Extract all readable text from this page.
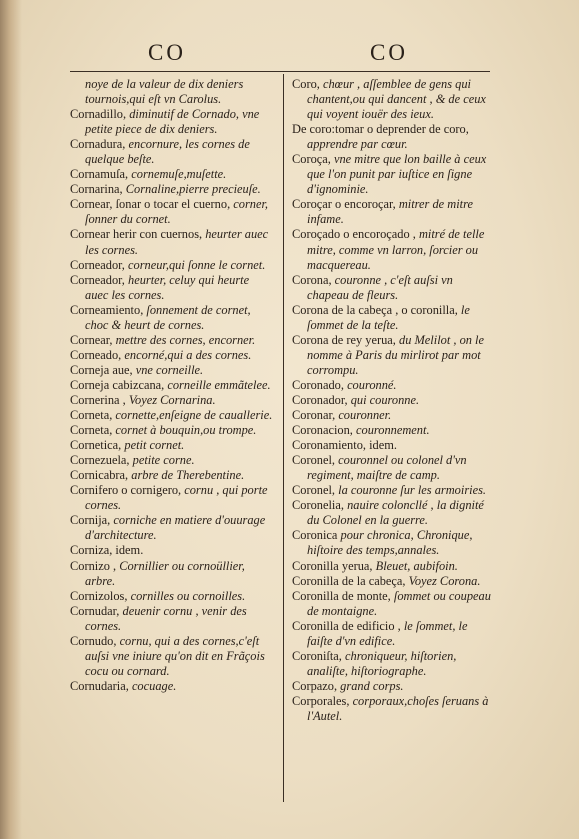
CO	CO

noye de la valeur de dix deniers tournois,qui eſt vn Carolus.

Cornadillo, diminutif de Cornado, vne petite piece de dix deniers.

Cornadura, encornure, les cornes de quelque beſte.

Cornamuſa, cornemuſe,muſette.

Cornarina, Cornaline,pierre precieuſe.

Cornear, ſonar o tocar el cuerno, corner, ſonner du cornet.

Cornear herir con cuernos, heurter auec les cornes.

Corneador, corneur,qui ſonne le cornet.

Corneador, heurter, celuy qui heurte auec les cornes.

Corneamiento, ſonnement de cornet, choc & heurt de cornes.

Cornear, mettre des cornes, encorner.

Corneado, encorné,qui a des cornes.

Corneja aue, vne corneille.

Corneja cabizcana, corneille emmãtelee.

Cornerina , Voyez Cornarina.

Corneta, cornette,enſeigne de cauallerie.

Corneta, cornet à bouquin,ou trompe.

Cornetica, petit cornet.

Cornezuela, petite corne.

Cornicabra, arbre de Therebentine.

Cornifero o cornigero, cornu , qui porte cornes.

Cornija, corniche en matiere d'ouurage d'architecture.

Corniza, idem.

Cornizo , Cornillier ou cornoüllier, arbre.

Cornizolos, cornilles ou cornoilles.

Cornudar, deuenir cornu , venir des cornes.

Cornudo, cornu, qui a des cornes,c'eſt auſsi vne iniure qu'on dit en Frãçois cocu ou cornard.

Cornudaria, cocuage.

Coro, chœur , aſſemblee de gens qui chantent,ou qui dancent , & de ceux qui voyent iouër des ieux.

De coro:tomar o deprender de coro, apprendre par cœur.

Coroça, vne mitre que lon baille à ceux que l'on punit par iuſtice en ſigne d'ignominie.

Coroçar o encoroçar, mitrer de mitre infame.

Coroçado o encoroçado , mitré de telle mitre, comme vn larron, ſorcier ou macquereau.

Corona, couronne , c'eſt auſsi vn chapeau de fleurs.

Corona de la cabeça , o coronilla, le ſommet de la teſte.

Corona de rey yerua, du Melilot , on le nomme à Paris du mirlirot par mot corrompu.

Coronado, couronné.

Coronador, qui couronne.

Coronar, couronner.

Coronacion, couronnement.

Coronamiento, idem.

Coronel, couronnel ou colonel d'vn regiment, maiſtre de camp.

Coronel, la couronne ſur les armoiries.

Coronelia, nauire coloncllé , la dignité du Colonel en la guerre.

Coronica pour chronica, Chronique, hiſtoire des temps,annales.

Coronilla yerua, Bleuet, aubifoin.

Coronilla de la cabeça, Voyez Corona.

Coronilla de monte, ſommet ou coupeau de montaigne.

Coronilla de edificio , le ſommet, le faiſte d'vn edifice.

Coroniſta, chroniqueur, hiſtorien, analiſte, hiſtoriographe.

Corpazo, grand corps.

Corporales, corporaux,choſes ſeruans à l'Autel.
